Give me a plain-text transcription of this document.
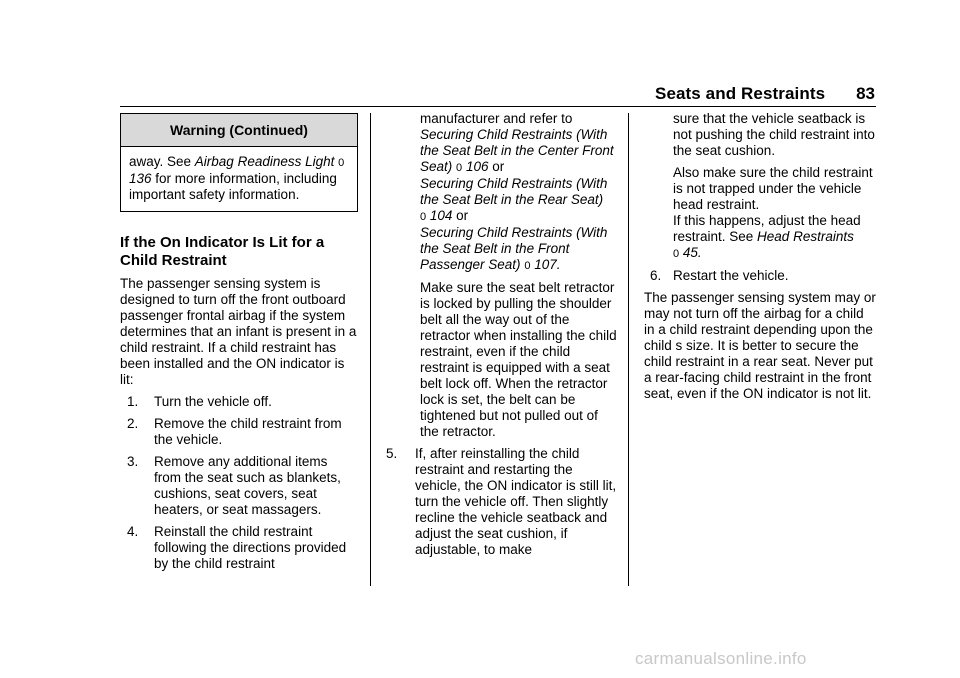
Seats and Restraints	83
Warning (Continued)
away. See Airbag Readiness Light 0 136 for more information, including important safety information.
If the On Indicator Is Lit for a Child Restraint

The passenger sensing system is designed to turn off the front outboard passenger frontal airbag if the system determines that an infant is present in a child restraint. If a child restraint has been installed and the ON indicator is lit:

1. Turn the vehicle off.
2. Remove the child restraint from the vehicle.
3. Remove any additional items from the seat such as blankets, cushions, seat covers, seat heaters, or seat massagers.
4. Reinstall the child restraint following the directions provided by the child restraint
manufacturer and refer to
Securing Child Restraints (With the Seat Belt in the Center Front Seat) 0 106 or
Securing Child Restraints (With the Seat Belt in the Rear Seat)
0 104 or
Securing Child Restraints (With the Seat Belt in the Front Passenger Seat) 0 107.

Make sure the seat belt retractor is locked by pulling the shoulder belt all the way out of the retractor when installing the child restraint, even if the child restraint is equipped with a seat belt lock off. When the retractor lock is set, the belt can be tightened but not pulled out of the retractor.

5. If, after reinstalling the child restraint and restarting the vehicle, the ON indicator is still lit, turn the vehicle off. Then slightly recline the vehicle seatback and adjust the seat cushion, if adjustable, to make

sure that the vehicle seatback is not pushing the child restraint into the seat cushion.

Also make sure the child restraint is not trapped under the vehicle head restraint.

If this happens, adjust the head restraint. See Head Restraints
0 45.

6. Restart the vehicle.

The passenger sensing system may or may not turn off the airbag for a child in a child restraint depending upon the child s size. It is better to secure the child restraint in a rear seat. Never put a rear-facing child restraint in the front seat, even if the ON indicator is not lit.

carmanualsonline.info
